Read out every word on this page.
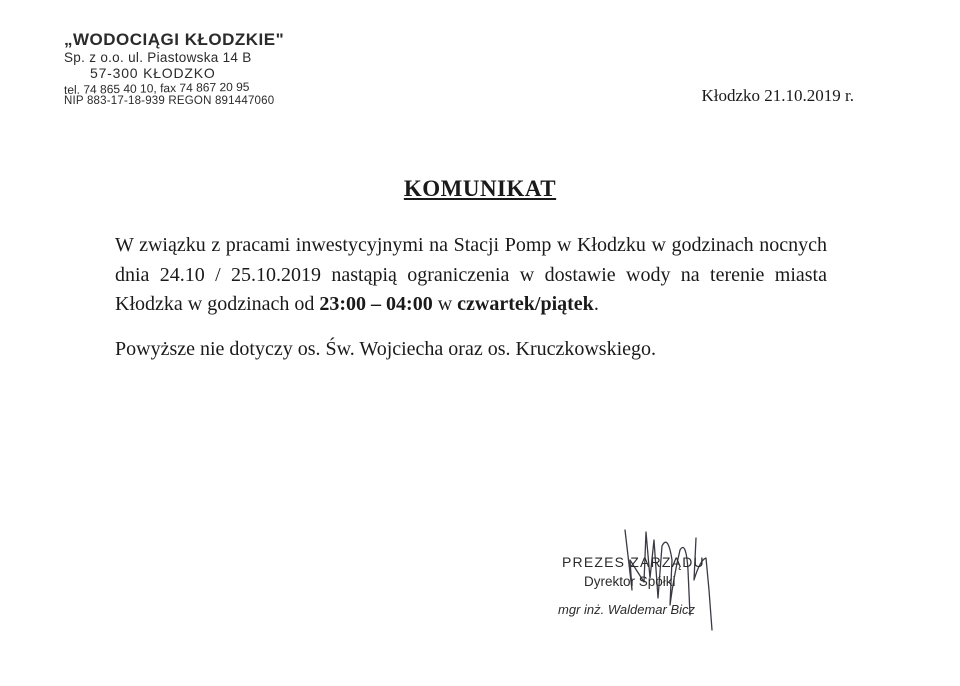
„WODOCIĄGI KŁODZKIE"
Sp. z o.o. ul. Piastowska 14 B
57-300 KŁODZKO
tel. 74 865 40 10, fax 74 867 20 95
NIP 883-17-18-939 REGON 891447060	Kłodzko 21.10.2019 r.
KOMUNIKAT

W związku z pracami inwestycyjnymi na Stacji Pomp w Kłodzku w godzinach nocnych dnia 24.10 / 25.10.2019 nastąpią ograniczenia w dostawie wody na terenie miasta Kłodzka w godzinach od 23:00 – 04:00 w czwartek/piątek.

Powyższe nie dotyczy os. Św. Wojciecha oraz os. Kruczkowskiego.

PREZES ZARZĄDU
Dyrektor Spółki
mgr inż. Waldemar Bicz
